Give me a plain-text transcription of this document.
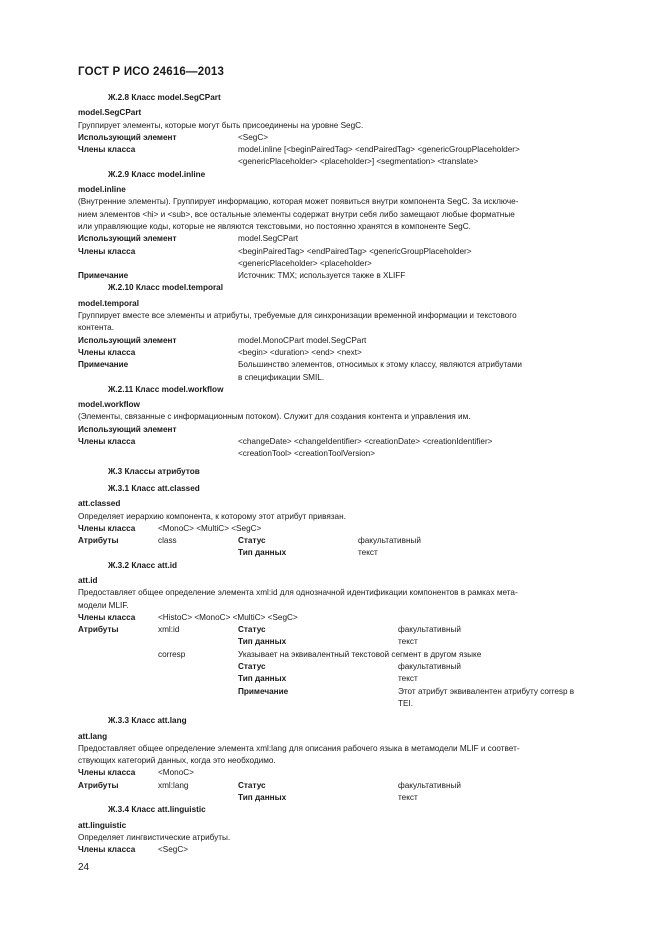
ГОСТ Р ИСО 24616—2013
Ж.2.8 Класс model.SegCPart
model.SegCPart
Группирует элементы, которые могут быть присоединены на уровне SegC.
Использующий элемент	<SegC>
Члены класса	model.inline [<beginPairedTag> <endPairedTag> <genericGroupPlaceholder>
<genericPlaceholder> <placeholder>] <segmentation> <translate>
Ж.2.9 Класс model.inline
model.inline
(Внутренние элементы). Группирует информацию, которая может появиться внутри компонента SegC. За исключе-
нием элементов <hi> и <sub>, все остальные элементы содержат внутри себя либо замещают любые форматные
или управляющие коды, которые не являются текстовыми, но постоянно хранятся в компоненте SegC.
Использующий элемент	model.SegCPart
Члены класса	<beginPairedTag> <endPairedTag> <genericGroupPlaceholder>
<genericPlaceholder> <placeholder>
Примечание	Источник: TMX; используется также в XLIFF
Ж.2.10 Класс model.temporal
model.temporal
Группирует вместе все элементы и атрибуты, требуемые для синхронизации временной информации и текстового
контента.
Использующий элемент	model.MonoCPart model.SegCPart
Члены класса	<begin> <duration> <end> <next>
Примечание	Большинство элементов, относимых к этому классу, являются атрибутами
в спецификации SMIL.
Ж.2.11 Класс model.workflow
model.workflow
(Элементы, связанные с информационным потоком). Служит для создания контента и управления им.
Использующий элемент
Члены класса	<changeDate> <changeIdentifier> <creationDate> <creationIdentifier>
<creationTool> <creationToolVersion>
Ж.3 Классы атрибутов
Ж.3.1 Класс att.classed
att.classed
Определяет иерархию компонента, к которому этот атрибут привязан.
Члены класса	<MonoC> <MultiC> <SegC>
Атрибуты	class	Статус	факультативный
Тип данных	текст
Ж.3.2 Класс att.id
att.id
Предоставляет общее определение элемента xml:id для однозначной идентификации компонентов в рамках мета-
модели MLIF.
Члены класса	<HistoC> <MonoC> <MultiC> <SegC>
Атрибуты	xml:id	Статус	факультативный
Тип данных	текст
corresp	Указывает на эквивалентный текстовой сегмент в другом языке
Статус	факультативный
Тип данных	текст
Примечание	Этот атрибут эквивалентен атрибуту corresp в
TEI.
Ж.3.3 Класс att.lang
att.lang
Предоставляет общее определение элемента xml:lang для описания рабочего языка в метамодели MLIF и соответ-
ствующих категорий данных, когда это необходимо.
Члены класса	<MonoC>
Атрибуты	xml:lang	Статус	факультативный
Тип данных	текст
Ж.3.4 Класс att.linguistic
att.linguistic
Определяет лингвистические атрибуты.
Члены класса	<SegC>
24
